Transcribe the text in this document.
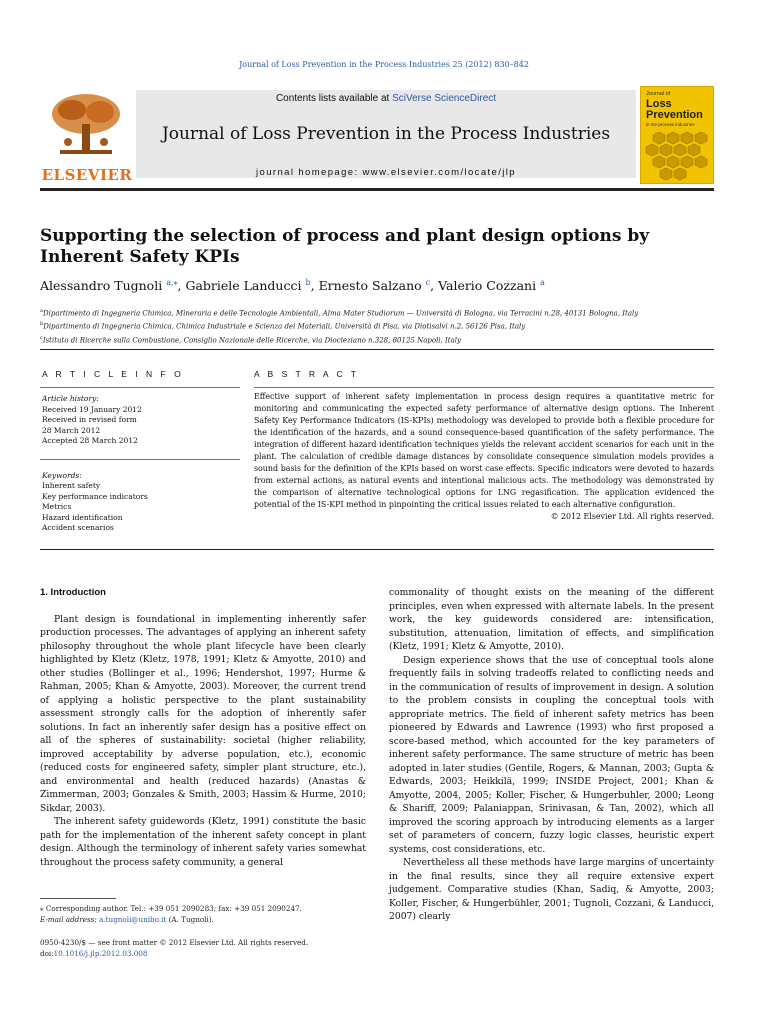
Journal of Loss Prevention in the Process Industries 25 (2012) 830–842
ELSEVIER
Contents lists available at SciVerse ScienceDirect
Journal of Loss Prevention in the Process Industries
journal homepage: www.elsevier.com/locate/jlp
Journal of
Loss
Prevention
in the process industries
Supporting the selection of process and plant design options by Inherent Safety KPIs
Alessandro Tugnoli $^{a,⁎}$, Gabriele Landucci $^b$, Ernesto Salzano $^c$, Valerio Cozzani $^a$
$^a$Dipartimento di Ingegneria Chimica, Mineraria e delle Tecnologie Ambientali, Alma Mater Studiorum — Università di Bologna, via Terracini n.28, 40131 Bologna, Italy
$^b$Dipartimento di Ingegneria Chimica, Chimica Industriale e Scienza dei Materiali, Università di Pisa, via Diotisalvi n.2, 56126 Pisa, Italy
$^c$Istituto di Ricerche sulla Combustione, Consiglio Nazionale delle Ricerche, via Diocleziano n.328, 80125 Napoli, Italy
A R T I C L E I N F O	A B S T R A C T
Article history:
Received 19 January 2012
Received in revised form
28 March 2012
Accepted 28 March 2012
Keywords:
Inherent safety
Key performance indicators
Metrics
Hazard identification
Accident scenarios
Effective support of inherent safety implementation in process design requires a quantitative metric for monitoring and communicating the expected safety performance of alternative design options. The Inherent Safety Key Performance Indicators (IS-KPIs) methodology was developed to provide both a flexible procedure for the identification of the hazards, and a sound consequence-based quantification of the safety performance. The integration of different hazard identification techniques yields the relevant accident scenarios for each unit in the plant. The calculation of credible damage distances by consolidate consequence simulation models provides a sound basis for the definition of the KPIs based on worst case effects. Specific indicators were devoted to hazards from external actions, as natural events and intentional malicious acts. The methodology was demonstrated by the comparison of alternative technological options for LNG regasification. The application evidenced the potential of the IS-KPI method in pinpointing the critical issues related to each alternative configuration.
© 2012 Elsevier Ltd. All rights reserved.
1. Introduction

Plant design is foundational in implementing inherently safer production processes. The advantages of applying an inherent safety philosophy throughout the whole plant lifecycle have been clearly highlighted by Kletz (Kletz, 1978, 1991; Kletz & Amyotte, 2010) and other studies (Bollinger et al., 1996; Hendershot, 1997; Hurme & Rahman, 2005; Khan & Amyotte, 2003). Moreover, the current trend of applying a holistic perspective to the plant sustainability assessment strongly calls for the adoption of inherently safer solutions. In fact an inherently safer design has a positive effect on all of the spheres of sustainability: societal (higher reliability, improved acceptability by adverse population, etc.), economic (reduced costs for engineered safety, simpler plant structure, etc.), and environmental and health (reduced hazards) (Anastas & Zimmerman, 2003; Gonzales & Smith, 2003; Hassim & Hurme, 2010; Sikdar, 2003).

The inherent safety guidewords (Kletz, 1991) constitute the basic path for the implementation of the inherent safety concept in plant design. Although the terminology of inherent safety varies somewhat throughout the process safety community, a general

commonality of thought exists on the meaning of the different principles, even when expressed with alternate labels. In the present work, the key guidewords considered are: intensification, substitution, attenuation, limitation of effects, and simplification (Kletz, 1991; Kletz & Amyotte, 2010).

Design experience shows that the use of conceptual tools alone frequently fails in solving tradeoffs related to conflicting needs and in the communication of results of improvement in design. A solution to the problem consists in coupling the conceptual tools with appropriate metrics. The field of inherent safety metrics has been pioneered by Edwards and Lawrence (1993) who first proposed a score-based method, which accounted for the key parameters of inherent safety performance. The same structure of metric has been adopted in later studies (Gentile, Rogers, & Mannan, 2003; Gupta & Edwards, 2003; Heikkilä, 1999; INSIDE Project, 2001; Khan & Amyotte, 2004, 2005; Koller, Fischer, & Hungerbuhler, 2000; Leong & Shariff, 2009; Palaniappan, Srinivasan, & Tan, 2002), which all improved the scoring approach by introducing elements as a larger set of parameters of concern, fuzzy logic classes, heuristic expert systems, cost considerations, etc.

Nevertheless all these methods have large margins of uncertainty in the final results, since they all require extensive expert judgement. Comparative studies (Khan, Sadiq, & Amyotte, 2003; Koller, Fischer, & Hungerbühler, 2001; Tugnoli, Cozzani, & Landucci, 2007) clearly

⁎ Corresponding author. Tel.: +39 051 2090283; fax: +39 051 2090247.
E-mail address: a.tugnoli@unibo.it (A. Tugnoli).
0950-4230/$ — see front matter © 2012 Elsevier Ltd. All rights reserved.
doi:10.1016/j.jlp.2012.03.008
